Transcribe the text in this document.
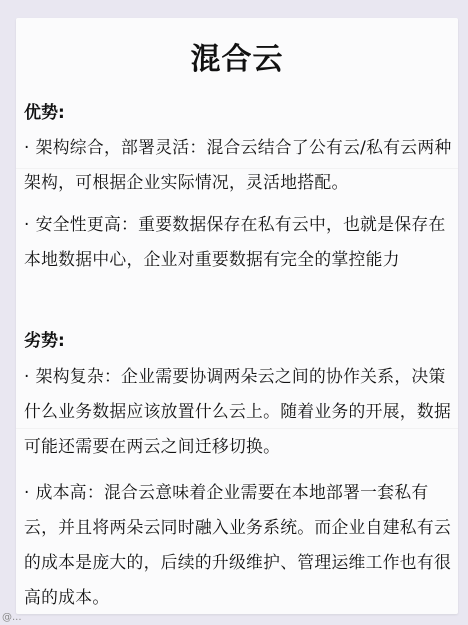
混合云
优势:
· 架构综合，部署灵活：混合云结合了公有云/私有云两种架构，可根据企业实际情况，灵活地搭配。
· 安全性更高：重要数据保存在私有云中，也就是保存在本地数据中心，企业对重要数据有完全的掌控能力
劣势:
· 架构复杂：企业需要协调两朵云之间的协作关系，决策什么业务数据应该放置什么云上。随着业务的开展，数据可能还需要在两云之间迁移切换。
· 成本高：混合云意味着企业需要在本地部署一套私有云，并且将两朵云同时融入业务系统。而企业自建私有云的成本是庞大的，后续的升级维护、管理运维工作也有很高的成本。
@...
